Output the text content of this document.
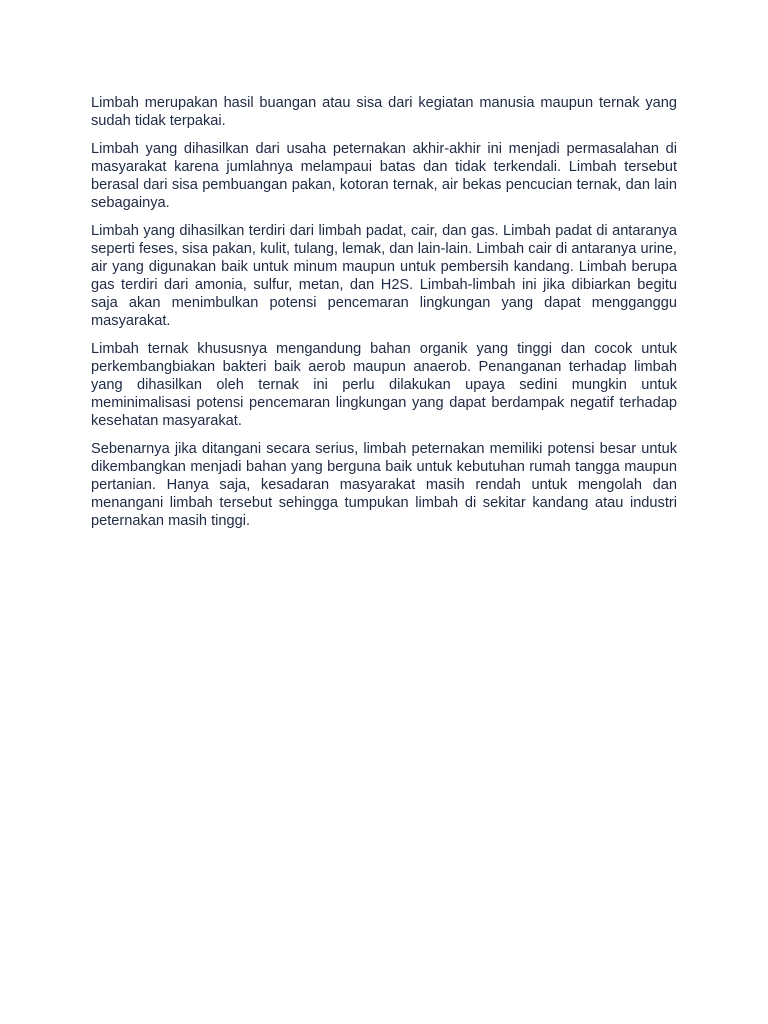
Limbah merupakan hasil buangan atau sisa dari kegiatan manusia maupun ternak yang sudah tidak terpakai.

Limbah yang dihasilkan dari usaha peternakan akhir-akhir ini menjadi permasalahan di masyarakat karena jumlahnya melampaui batas dan tidak terkendali. Limbah tersebut berasal dari sisa pembuangan pakan, kotoran ternak, air bekas pencucian ternak, dan lain sebagainya.

Limbah yang dihasilkan terdiri dari limbah padat, cair, dan gas. Limbah padat di antaranya seperti feses, sisa pakan, kulit, tulang, lemak, dan lain-lain. Limbah cair di antaranya urine, air yang digunakan baik untuk minum maupun untuk pembersih kandang. Limbah berupa gas terdiri dari amonia, sulfur, metan, dan H2S. Limbah-limbah ini jika dibiarkan begitu saja akan menimbulkan potensi pencemaran lingkungan yang dapat mengganggu masyarakat.

Limbah ternak khususnya mengandung bahan organik yang tinggi dan cocok untuk perkembangbiakan bakteri baik aerob maupun anaerob. Penanganan terhadap limbah yang dihasilkan oleh ternak ini perlu dilakukan upaya sedini mungkin untuk meminimalisasi potensi pencemaran lingkungan yang dapat berdampak negatif terhadap kesehatan masyarakat.

Sebenarnya jika ditangani secara serius, limbah peternakan memiliki potensi besar untuk dikembangkan menjadi bahan yang berguna baik untuk kebutuhan rumah tangga maupun pertanian. Hanya saja, kesadaran masyarakat masih rendah untuk mengolah dan menangani limbah tersebut sehingga tumpukan limbah di sekitar kandang atau industri peternakan masih tinggi.
